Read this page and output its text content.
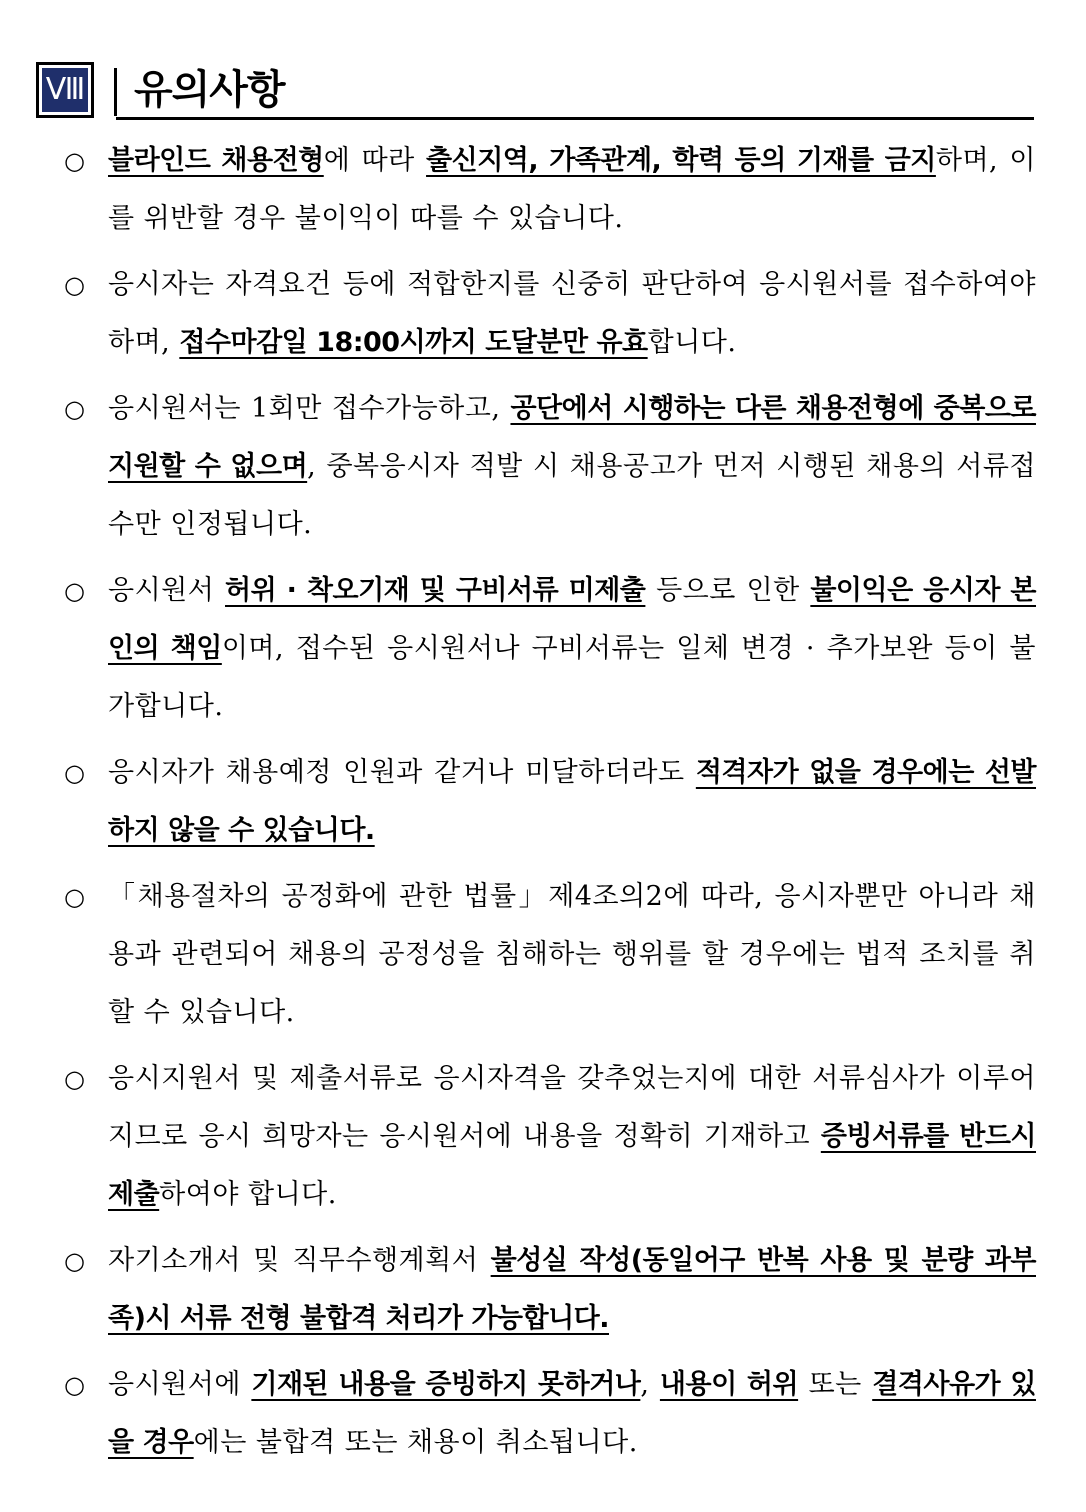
Ⅷ 유의사항
○ 블라인드 채용전형에 따라 출신지역, 가족관계, 학력 등의 기재를 금지하며, 이를 위반할 경우 불이익이 따를 수 있습니다.
○ 응시자는 자격요건 등에 적합한지를 신중히 판단하여 응시원서를 접수하여야 하며, 접수마감일 18:00시까지 도달분만 유효합니다.
○ 응시원서는 1회만 접수가능하고, 공단에서 시행하는 다른 채용전형에 중복으로 지원할 수 없으며, 중복응시자 적발 시 채용공고가 먼저 시행된 채용의 서류접수만 인정됩니다.
○ 응시원서 허위 · 착오기재 및 구비서류 미제출 등으로 인한 불이익은 응시자 본인의 책임이며, 접수된 응시원서나 구비서류는 일체 변경 · 추가보완 등이 불가합니다.
○ 응시자가 채용예정 인원과 같거나 미달하더라도 적격자가 없을 경우에는 선발하지 않을 수 있습니다.
○ 「채용절차의 공정화에 관한 법률」제4조의2에 따라, 응시자뿐만 아니라 채용과 관련되어 채용의 공정성을 침해하는 행위를 할 경우에는 법적 조치를 취할 수 있습니다.
○ 응시지원서 및 제출서류로 응시자격을 갖추었는지에 대한 서류심사가 이루어지므로 응시 희망자는 응시원서에 내용을 정확히 기재하고 증빙서류를 반드시 제출하여야 합니다.
○ 자기소개서 및 직무수행계획서 불성실 작성(동일어구 반복 사용 및 분량 과부족)시 서류 전형 불합격 처리가 가능합니다.
○ 응시원서에 기재된 내용을 증빙하지 못하거나, 내용이 허위 또는 결격사유가 있을 경우에는 불합격 또는 채용이 취소됩니다.
